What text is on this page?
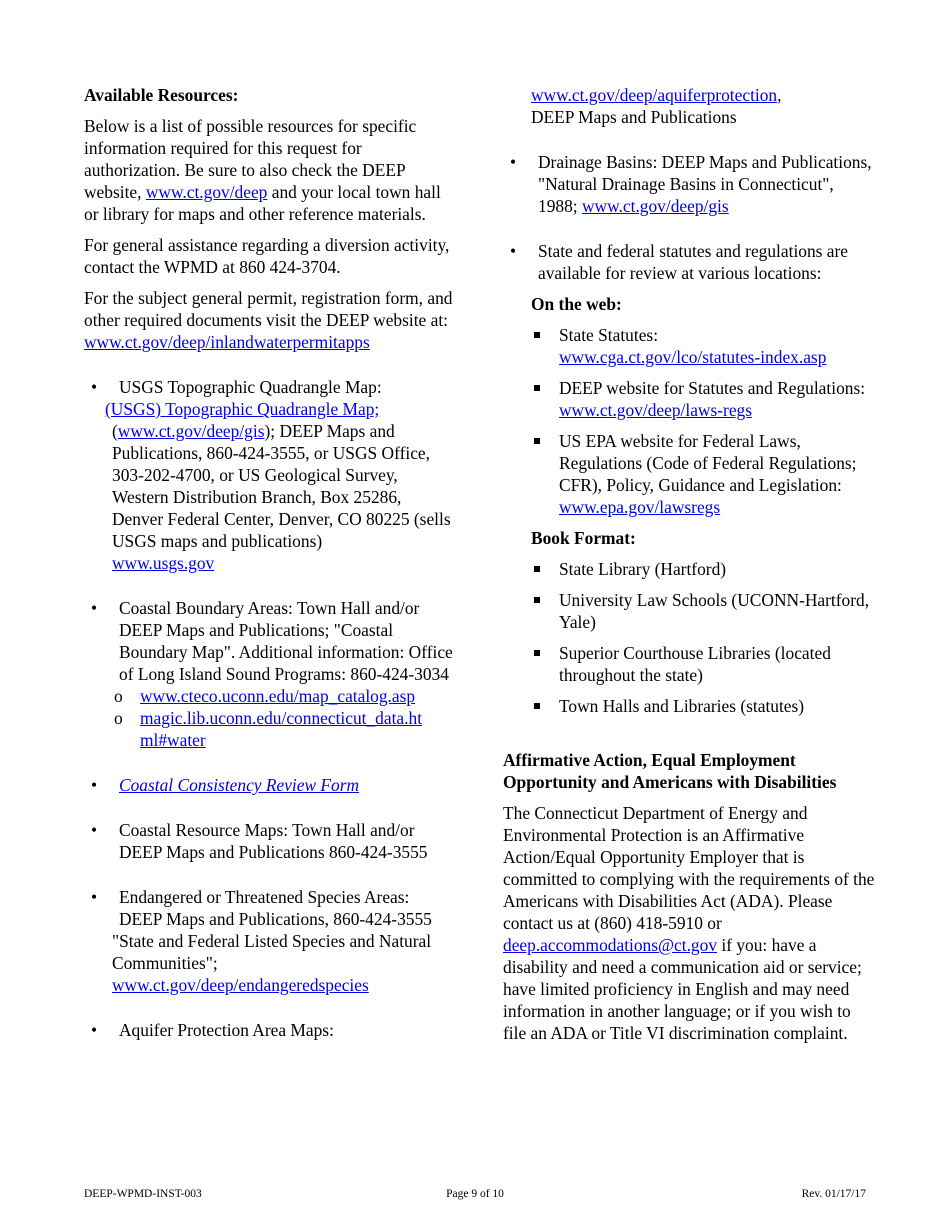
Available Resources:

Below is a list of possible resources for specific information required for this request for authorization. Be sure to also check the DEEP website, www.ct.gov/deep and your local town hall or library for maps and other reference materials.

For general assistance regarding a diversion activity, contact the WPMD at 860 424-3704.

For the subject general permit, registration form, and other required documents visit the DEEP website at:
www.ct.gov/deep/inlandwaterpermitapps

• USGS Topographic Quadrangle Map:
(USGS) Topographic Quadrangle Map;

(www.ct.gov/deep/gis); DEEP Maps and Publications, 860-424-3555, or USGS Office, 303-202-4700, or US Geological Survey, Western Distribution Branch, Box 25286, Denver Federal Center, Denver, CO 80225 (sells USGS maps and publications)
www.usgs.gov
• Coastal Boundary Areas: Town Hall and/or DEEP Maps and Publications; "Coastal Boundary Map". Additional information: Office of Long Island Sound Programs: 860-424-3034
o www.cteco.uconn.edu/map_catalog.asp
o magic.lib.uconn.edu/connecticut_data.ht
ml#water
• Coastal Consistency Review Form
• Coastal Resource Maps: Town Hall and/or DEEP Maps and Publications 860-424-3555
• Endangered or Threatened Species Areas: DEEP Maps and Publications, 860-424-3555
"State and Federal Listed Species and Natural Communities";
www.ct.gov/deep/endangeredspecies
• Aquifer Protection Area Maps:
www.ct.gov/deep/aquiferprotection,
DEEP Maps and Publications
• Drainage Basins: DEEP Maps and Publications, "Natural Drainage Basins in Connecticut", 1988; www.ct.gov/deep/gis
• State and federal statutes and regulations are available for review at various locations:
On the web:
State Statutes:
www.cga.ct.gov/lco/statutes-index.asp
DEEP website for Statutes and Regulations: www.ct.gov/deep/laws-regs
US EPA website for Federal Laws, Regulations (Code of Federal Regulations; CFR), Policy, Guidance and Legislation: www.epa.gov/lawsregs
Book Format:
State Library (Hartford)
University Law Schools (UCONN-Hartford, Yale)
Superior Courthouse Libraries (located throughout the state)
Town Halls and Libraries (statutes)
Affirmative Action, Equal Employment Opportunity and Americans with Disabilities

The Connecticut Department of Energy and Environmental Protection is an Affirmative Action/Equal Opportunity Employer that is committed to complying with the requirements of the Americans with Disabilities Act (ADA). Please contact us at (860) 418-5910 or deep.accommodations@ct.gov if you: have a disability and need a communication aid or service; have limited proficiency in English and may need information in another language; or if you wish to file an ADA or Title VI discrimination complaint.

DEEP-WPMD-INST-003	Page 9 of 10	Rev. 01/17/17
